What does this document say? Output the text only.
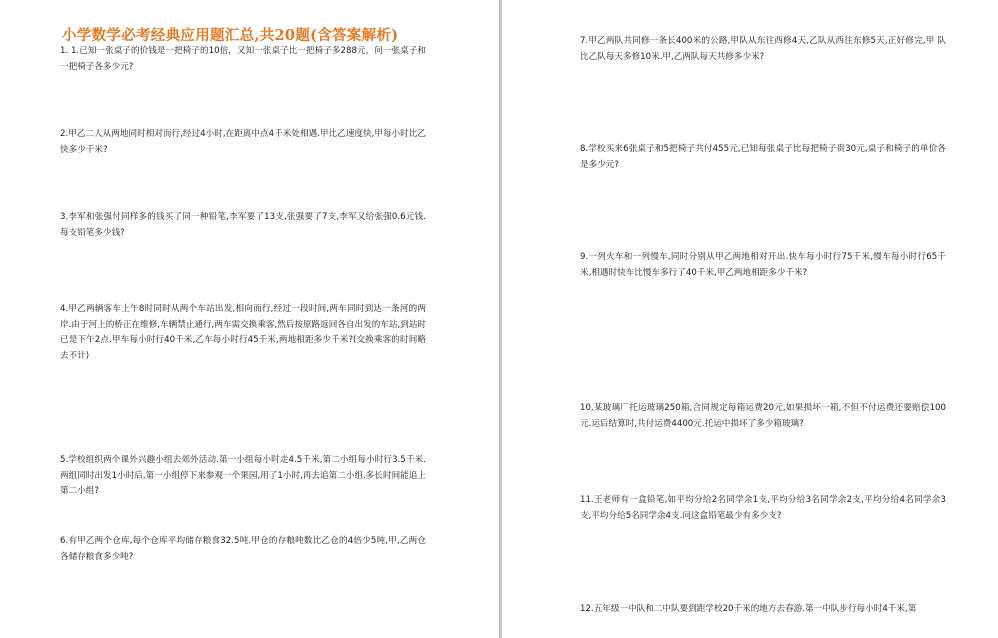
小学数学必考经典应用题汇总,共20题(含答案解析)

1. 1.已知一张桌子的价钱是一把椅子的10倍，又知一张桌子比一把椅子多288元，问一张桌子和一把椅子各多少元?

2.甲乙二人从两地同时相对而行,经过4小时,在距离中点4千米处相遇.甲比乙速度快,甲每小时比乙快多少千米?

3.李军和张强付同样多的钱买了同一种铅笔,李军要了13支,张强要了7支,李军又给张强0.6元钱.每支铅笔多少钱?

4.甲乙两辆客车上午8时同时从两个车站出发,相向而行,经过一段时间,两车同时到达一条河的两岸.由于河上的桥正在维修,车辆禁止通行,两车需交换乘客,然后按原路返回各自出发的车站,到站时已是下午2点.甲车每小时行40千米,乙车每小时行45千米,两地相距多少千米?(交换乘客的时间略去不计)

5.学校组织两个课外兴趣小组去郊外活动.第一小组每小时走4.5千米,第二小组每小时行3.5千米.两组同时出发1小时后,第一小组停下来参观一个果园,用了1小时,再去追第二小组.多长时间能追上第二小组?

6.有甲乙两个仓库,每个仓库平均储存粮食32.5吨.甲仓的存粮吨数比乙仓的4倍少5吨,甲,乙两仓各储存粮食多少吨?

7.甲乙两队共同修一条长400米的公路,甲队从东往西修4天,乙队从西往东修5天,正好修完,甲 队比乙队每天多修10米.甲,乙两队每天共修多少米?

8.学校买来6张桌子和5把椅子共付455元,已知每张桌子比每把椅子贵30元,桌子和椅子的单价各是多少元?

9.一列火车和一列慢车,同时分别从甲乙两地相对开出.快车每小时行75千米,慢车每小时行65千米,相遇时快车比慢车多行了40千米,甲乙两地相距多少千米?

10,某玻璃厂托运玻璃250箱,合同规定每箱运费20元,如果损坏一箱,不但不付运费还要赔偿100元.运后结算时,共付运费4400元.托运中损坏了多少箱玻璃?

11.王老师有一盒铅笔,如平均分给2名同学余1支,平均分给3名同学余2支,平均分给4名同学余3支,平均分给5名同学余4支.问这盒铅笔最少有多少支?

12.五年级一中队和二中队要到距学校20千米的地方去春游.第一中队步行每小时4千米,第
